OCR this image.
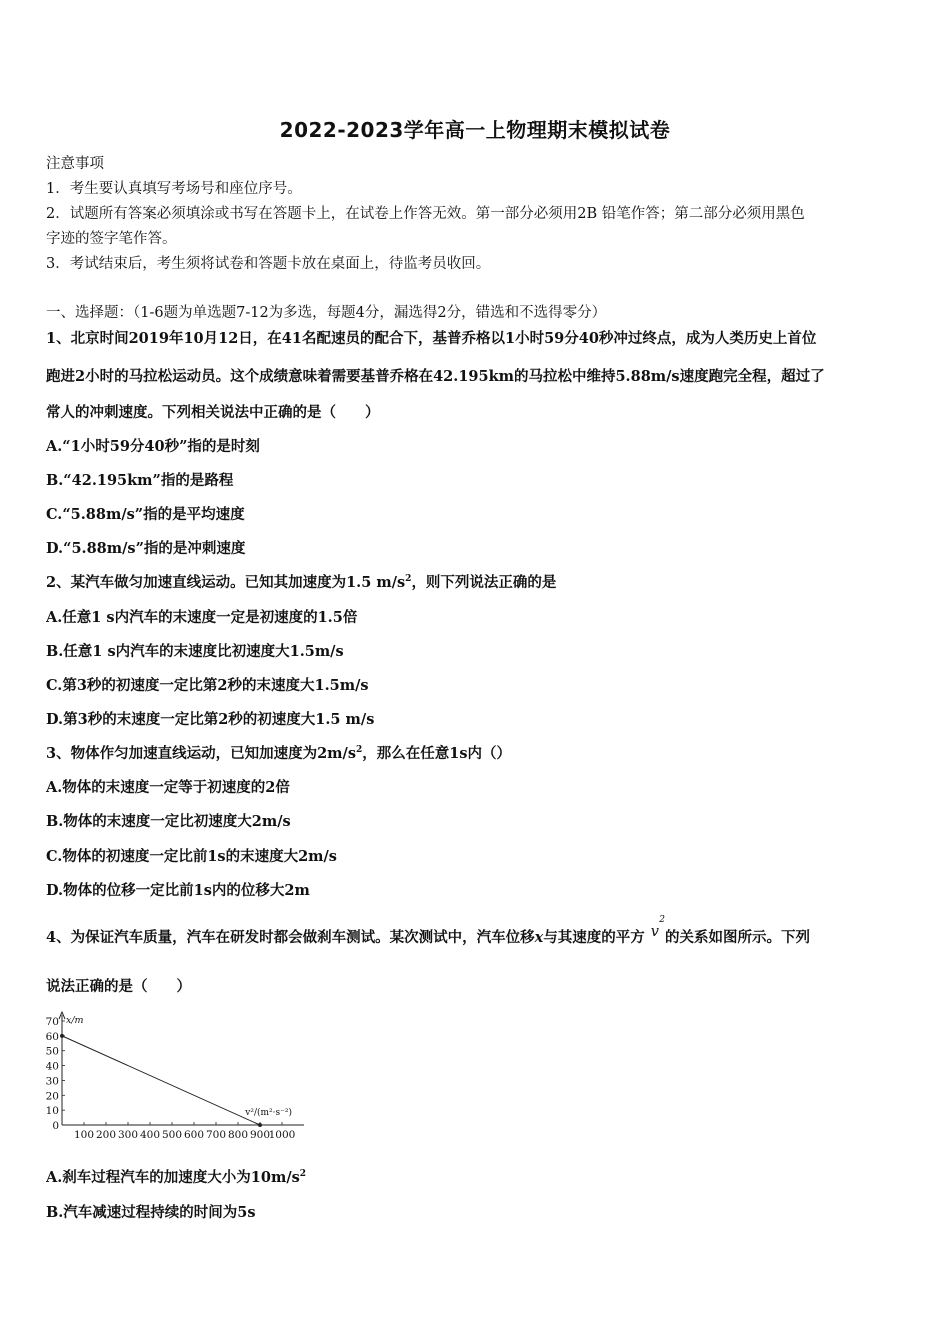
2022-2023学年高一上物理期末模拟试卷
注意事项
1．考生要认真填写考场号和座位序号。
2．试题所有答案必须填涂或书写在答题卡上，在试卷上作答无效。第一部分必须用2B 铅笔作答；第二部分必须用黑色
字迹的签字笔作答。
3．考试结束后，考生须将试卷和答题卡放在桌面上，待监考员收回。
一、选择题：（1-6题为单选题7-12为多选，每题4分，漏选得2分，错选和不选得零分）
1、北京时间2019年10月12日，在41名配速员的配合下，基普乔格以1小时59分40秒冲过终点，成为人类历史上首位
跑进2小时的马拉松运动员。这个成绩意味着需要基普乔格在42.195km的马拉松中维持5.88m/s速度跑完全程，超过了
常人的冲刺速度。下列相关说法中正确的是（　　）
A.“1小时59分40秒”指的是时刻
B.“42.195km”指的是路程
C.“5.88m/s”指的是平均速度
D.“5.88m/s”指的是冲刺速度
2、某汽车做匀加速直线运动。已知其加速度为1.5 $m/s^2$，则下列说法正确的是
A.任意1 s内汽车的末速度一定是初速度的1.5倍
B.任意1 s内汽车的末速度比初速度大1.5m/s
C.第3秒的初速度一定比第2秒的末速度大1.5m/s
D.第3秒的末速度一定比第2秒的初速度大1.5 m/s
3、物体作匀加速直线运动，已知加速度为$2m/s^2$，那么在任意1s内（）
A.物体的末速度一定等于初速度的2倍
B.物体的末速度一定比初速度大2m/s
C.物体的初速度一定比前1s的末速度大2m/s
D.物体的位移一定比前1s内的位移大2m
4、为保证汽车质量，汽车在研发时都会做刹车测试。某次测试中，汽车位移x与其速度的平方 v
2
的关系如图所示。下列
说法正确的是（　　）
10
20
30
40
50
60
70
0
100 200 300 400 500 600 700 800 900
1000
x/m
v²/(m²·s⁻²)
A.刹车过程汽车的加速度大小为$10m/s^2$
B.汽车减速过程持续的时间为5s
